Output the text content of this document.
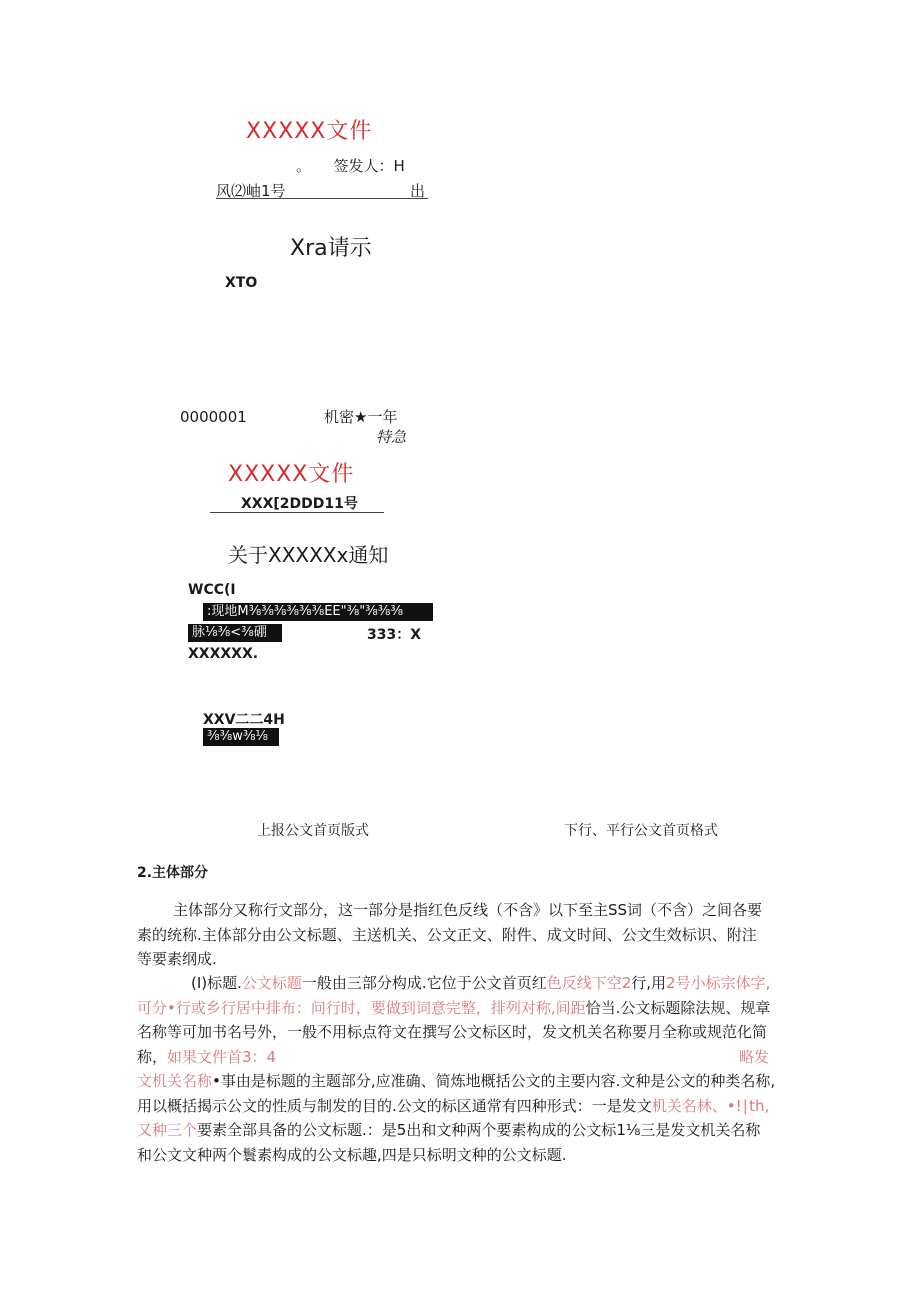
XXXXX文件
。　　签发人：H
风⑵岫1号	出
Xra请示
XTO
0000001	机密★一年
特急
XXXXX文件
XXX[2DDD11号
关于XXXXXx通知
WCC(I
:现地M⅜⅜⅜⅜⅜⅜EE"⅜"⅜⅜⅜
脉⅛⅜<⅜硼	333：X
XXXXXX.
XXV二二4H
⅜⅜w⅜⅛
上报公文首页版式	下行、平行公文首页格式
2.主体部分
主体部分又称行文部分，这一部分是指红色反线（不含》以下至主SS词（不含）之间各要
素的统称.主体部分由公文标题、主送机关、公文正文、附件、成文时间、公文生效标识、附注
等要素纲成.
(I)标题.公文标题一般由三部分构成.它位于公文首页红色反线下空2行,用2号小标宗体字,
可分•行或乡行居中排布：问行时，要做到词意完整，排列对称,间距恰当.公文标题除法规、规章
名称等可加书名号外，一般不用标点符文在撰写公文标区时，发文机关名称要月全称或规范化简
称，如果文件首3：4	略发
文机关名称•事由是标题的主题部分,应准确、简炼地概括公文的主要内容.文种是公文的种类名称,
用以概括揭示公文的性质与制发的目的.公文的标区通常有四种形式：一是发文机关名林、•!∣th,
又种三个要素全部具备的公文标题.：是5出和文种两个要素构成的公文标1⅛三是发文机关名称
和公文文种两个鬟素构成的公文标趣,四是只标明文种的公文标题.
